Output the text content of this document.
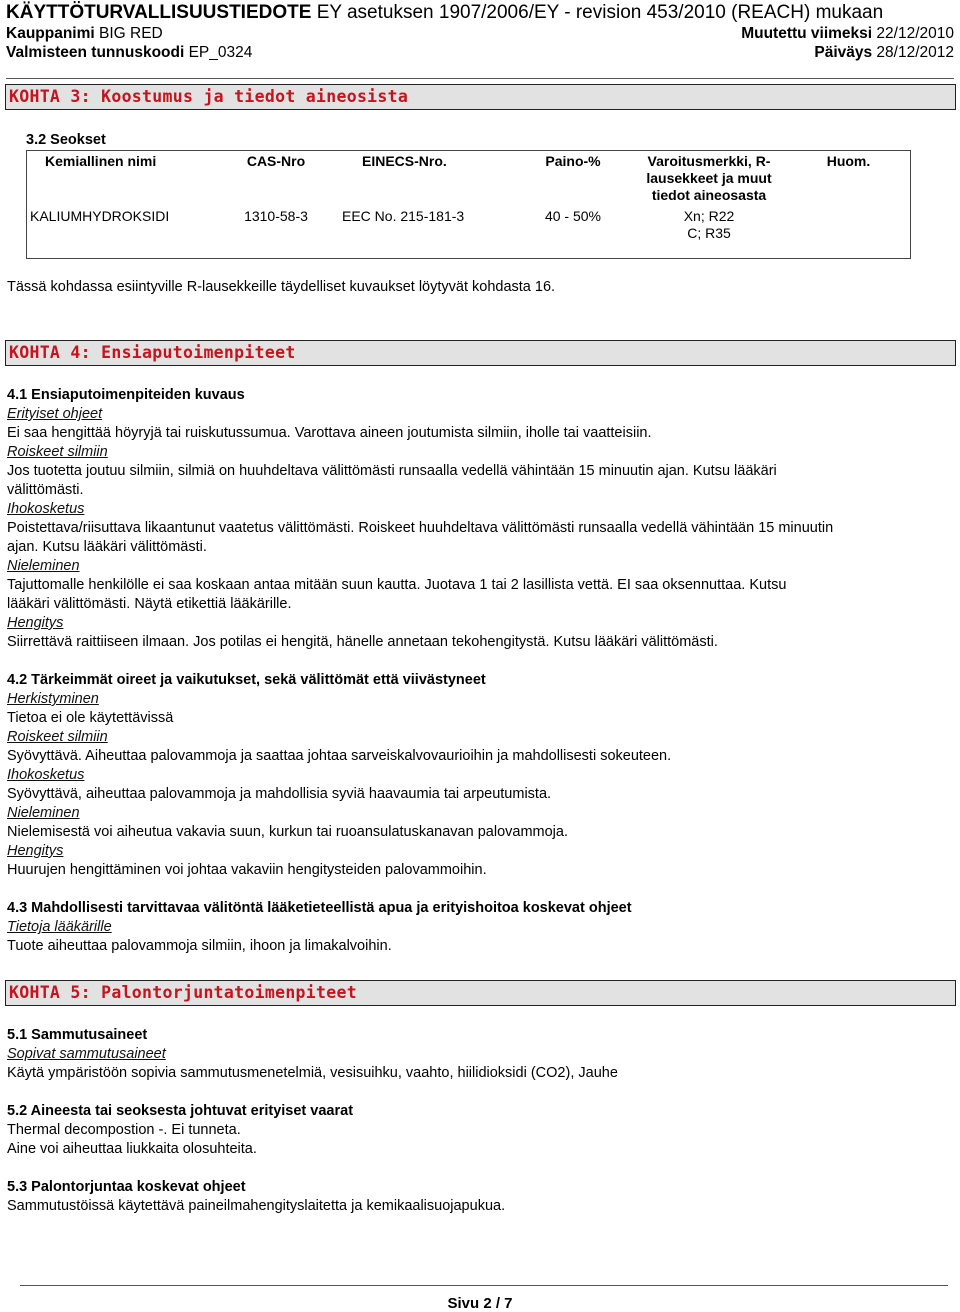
KÄYTTÖTURVALLISUUSTIEDOTE EY asetuksen 1907/2006/EY - revision 453/2010 (REACH) mukaan
Kauppanimi BIG RED	Muutettu viimeksi 22/12/2010
Valmisteen tunnuskoodi EP_0324	Päiväys 28/12/2012
KOHTA 3: Koostumus ja tiedot aineosista
3.2 Seokset
Kemiallinen nimi	CAS-Nro	EINECS-Nro.	Paino-%	Varoitusmerkki, R-
lausekkeet ja muut
tiedot aineosasta	Huom.
KALIUMHYDROKSIDI	1310-58-3	EEC No. 215-181-3	40 - 50%	Xn; R22
C; R35	

Tässä kohdassa esiintyville R-lausekkeille täydelliset kuvaukset löytyvät kohdasta 16.
KOHTA 4: Ensiaputoimenpiteet
4.1 Ensiaputoimenpiteiden kuvaus
Erityiset ohjeet
Ei saa hengittää höyryjä tai ruiskutussumua. Varottava aineen joutumista silmiin, iholle tai vaatteisiin.
Roiskeet silmiin
Jos tuotetta joutuu silmiin, silmiä on huuhdeltava välittömästi runsaalla vedellä vähintään 15 minuutin ajan. Kutsu lääkäri
välittömästi.
Ihokosketus
Poistettava/riisuttava likaantunut vaatetus välittömästi. Roiskeet huuhdeltava välittömästi runsaalla vedellä vähintään 15 minuutin
ajan. Kutsu lääkäri välittömästi.
Nieleminen
Tajuttomalle henkilölle ei saa koskaan antaa mitään suun kautta. Juotava 1 tai 2 lasillista vettä. EI saa oksennuttaa. Kutsu
lääkäri välittömästi. Näytä etikettiä lääkärille.
Hengitys
Siirrettävä raittiiseen ilmaan. Jos potilas ei hengitä, hänelle annetaan tekohengitystä. Kutsu lääkäri välittömästi.
4.2 Tärkeimmät oireet ja vaikutukset, sekä välittömät että viivästyneet
Herkistyminen
Tietoa ei ole käytettävissä
Roiskeet silmiin
Syövyttävä. Aiheuttaa palovammoja ja saattaa johtaa sarveiskalvovaurioihin ja mahdollisesti sokeuteen.
Ihokosketus
Syövyttävä, aiheuttaa palovammoja ja mahdollisia syviä haavaumia tai arpeutumista.
Nieleminen
Nielemisestä voi aiheutua vakavia suun, kurkun tai ruoansulatuskanavan palovammoja.
Hengitys
Huurujen hengittäminen voi johtaa vakaviin hengitysteiden palovammoihin.
4.3 Mahdollisesti tarvittavaa välitöntä lääketieteellistä apua ja erityishoitoa koskevat ohjeet
Tietoja lääkärille
Tuote aiheuttaa palovammoja silmiin, ihoon ja limakalvoihin.
KOHTA 5: Palontorjuntatoimenpiteet
5.1 Sammutusaineet
Sopivat sammutusaineet
Käytä ympäristöön sopivia sammutusmenetelmiä, vesisuihku, vaahto, hiilidioksidi (CO2), Jauhe
5.2 Aineesta tai seoksesta johtuvat erityiset vaarat
Thermal decompostion -. Ei tunneta.
Aine voi aiheuttaa liukkaita olosuhteita.
5.3 Palontorjuntaa koskevat ohjeet
Sammutustöissä käytettävä paineilmahengityslaitetta ja kemikaalisuojapukua.
Sivu 2 / 7
